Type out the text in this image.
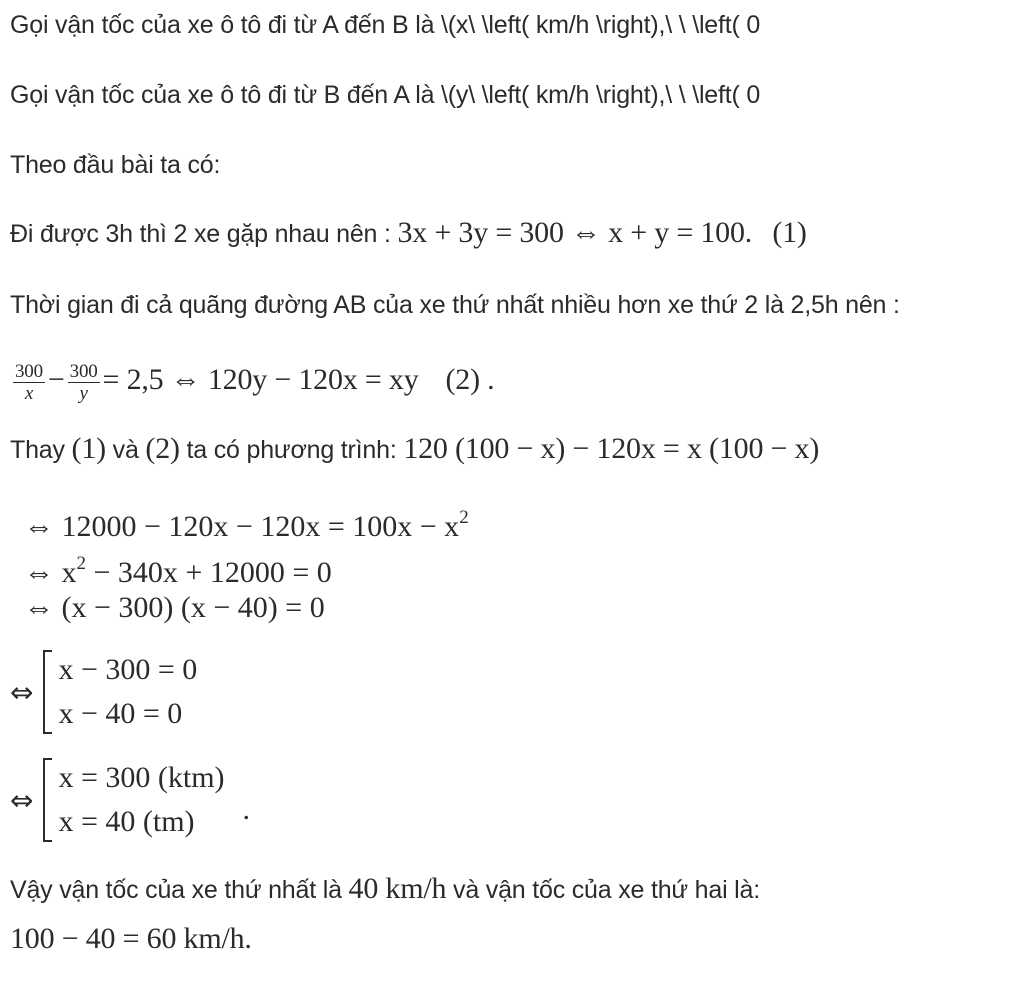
Gọi vận tốc của xe ô tô đi từ A đến B là \(x\ \left( km/h \right),\ \ \left( 0
Gọi vận tốc của xe ô tô đi từ B đến A là \(y\ \left( km/h \right),\ \ \left( 0
Theo đầu bài ta có:
Đi được 3h thì 2 xe gặp nhau nên : 3x + 3y = 300 ⇔ x + y = 100. (1)
Thời gian đi cả quãng đường AB của xe thứ nhất nhiều hơn xe thứ 2 là 2,5h nên :
$\frac{300}{x} - \frac{300}{y} = 2,5$ ⇔ 120y − 120x = xy (2) .
Thay (1) và (2) ta có phương trình: 120 (100 − x) − 120x = x (100 − x)
⇔ $12000 - 120x - 120x = 100x - x^2$
⇔ $x^2 - 340x + 12000 = 0$
⇔ (x − 300) (x − 40) = 0
⇔
x − 300 = 0
x − 40 = 0
⇔
x = 300 (ktm)
x = 40 (tm)	.
Vậy vận tốc của xe thứ nhất là 40 km/h và vận tốc của xe thứ hai là:
100 − 40 = 60 km/h.
